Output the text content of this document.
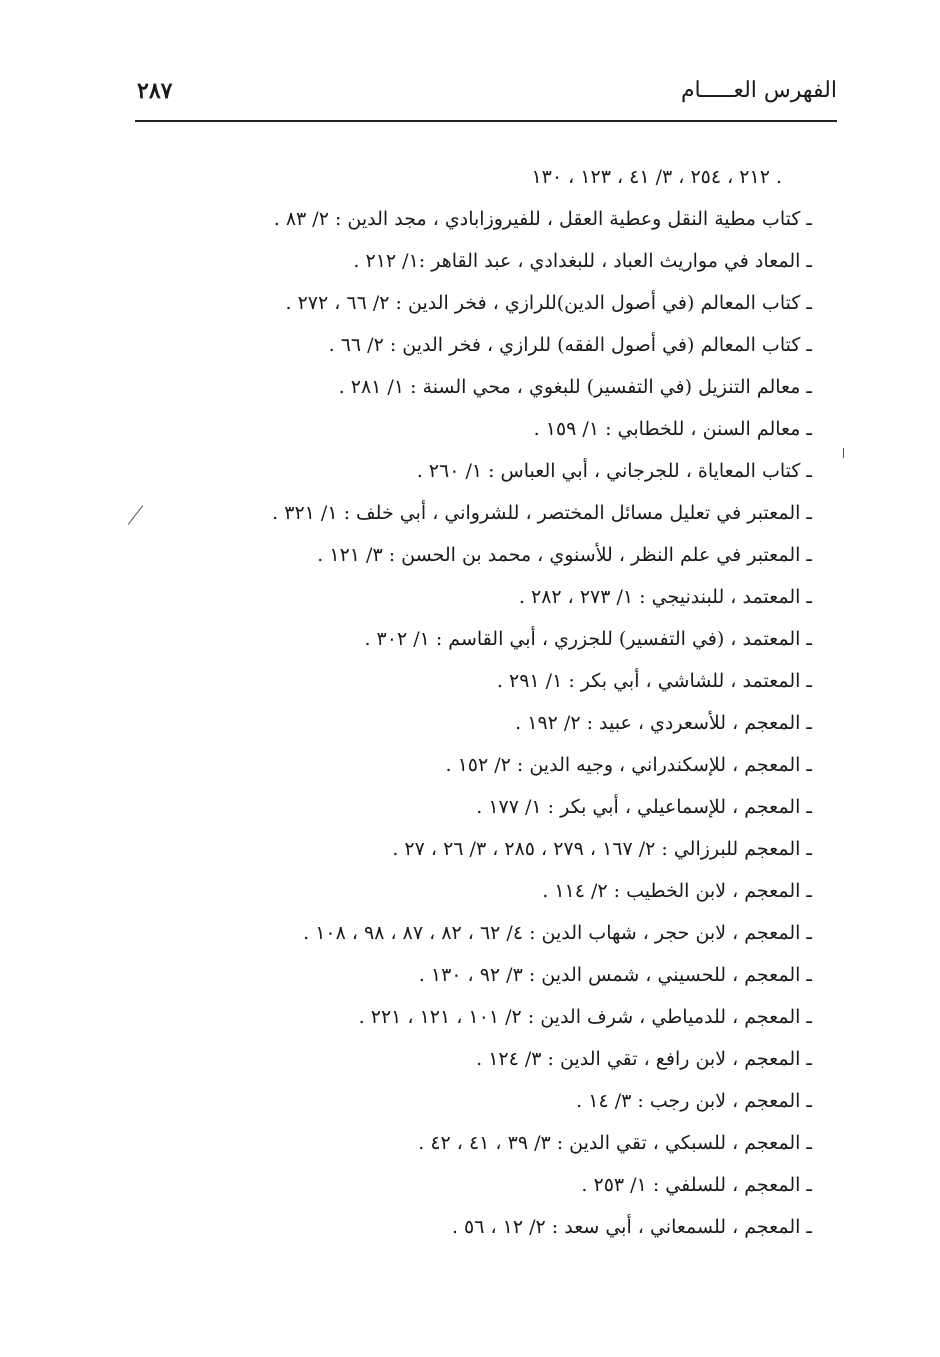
الفهرس العـــــام
٢٨٧
٢١٢ ، ٢٥٤ ، ٣/ ٤١ ، ١٢٣ ، ١٣٠ .
ـ كتاب مطية النقل وعطية العقل ، للفيروزابادي ، مجد الدين : ٢/ ٨٣ .
ـ المعاد في مواريث العباد ، للبغدادي ، عبد القاهر :١/ ٢١٢ .
ـ كتاب المعالم (في أصول الدين)للرازي ، فخر الدين : ٢/ ٦٦ ، ٢٧٢ .
ـ كتاب المعالم (في أصول الفقه) للرازي ، فخر الدين : ٢/ ٦٦ .
ـ معالم التنزيل (في التفسير) للبغوي ، محي السنة : ١/ ٢٨١ .
ـ معالم السنن ، للخطابي : ١/ ١٥٩ .
ـ كتاب المعاياة ، للجرجاني ، أبي العباس : ١/ ٢٦٠ .
ـ المعتبر في تعليل مسائل المختصر ، للشرواني ، أبي خلف : ١/ ٣٢١ .
ـ المعتبر في علم النظر ، للأسنوي ، محمد بن الحسن : ٣/ ١٢١ .
ـ المعتمد ، للبندنيجي : ١/ ٢٧٣ ، ٢٨٢ .
ـ المعتمد ، (في التفسير) للجزري ، أبي القاسم : ١/ ٣٠٢ .
ـ المعتمد ، للشاشي ، أبي بكر : ١/ ٢٩١ .
ـ المعجم ، للأسعردي ، عبيد : ٢/ ١٩٢ .
ـ المعجم ، للإسكندراني ، وجيه الدين : ٢/ ١٥٢ .
ـ المعجم ، للإسماعيلي ، أبي بكر : ١/ ١٧٧ .
ـ المعجم للبرزالي : ٢/ ١٦٧ ، ٢٧٩ ، ٢٨٥ ، ٣/ ٢٦ ، ٢٧ .
ـ المعجم ، لابن الخطيب : ٢/ ١١٤ .
ـ المعجم ، لابن حجر ، شهاب الدين : ٤/ ٦٢ ، ٨٢ ، ٨٧ ، ٩٨ ، ١٠٨ .
ـ المعجم ، للحسيني ، شمس الدين : ٣/ ٩٢ ، ١٣٠ .
ـ المعجم ، للدمياطي ، شرف الدين : ٢/ ١٠١ ، ١٢١ ، ٢٢١ .
ـ المعجم ، لابن رافع ، تقي الدين : ٣/ ١٢٤ .
ـ المعجم ، لابن رجب : ٣/ ١٤ .
ـ المعجم ، للسبكي ، تقي الدين : ٣/ ٣٩ ، ٤١ ، ٤٢ .
ـ المعجم ، للسلفي : ١/ ٢٥٣ .
ـ المعجم ، للسمعاني ، أبي سعد : ٢/ ١٢ ، ٥٦ .
